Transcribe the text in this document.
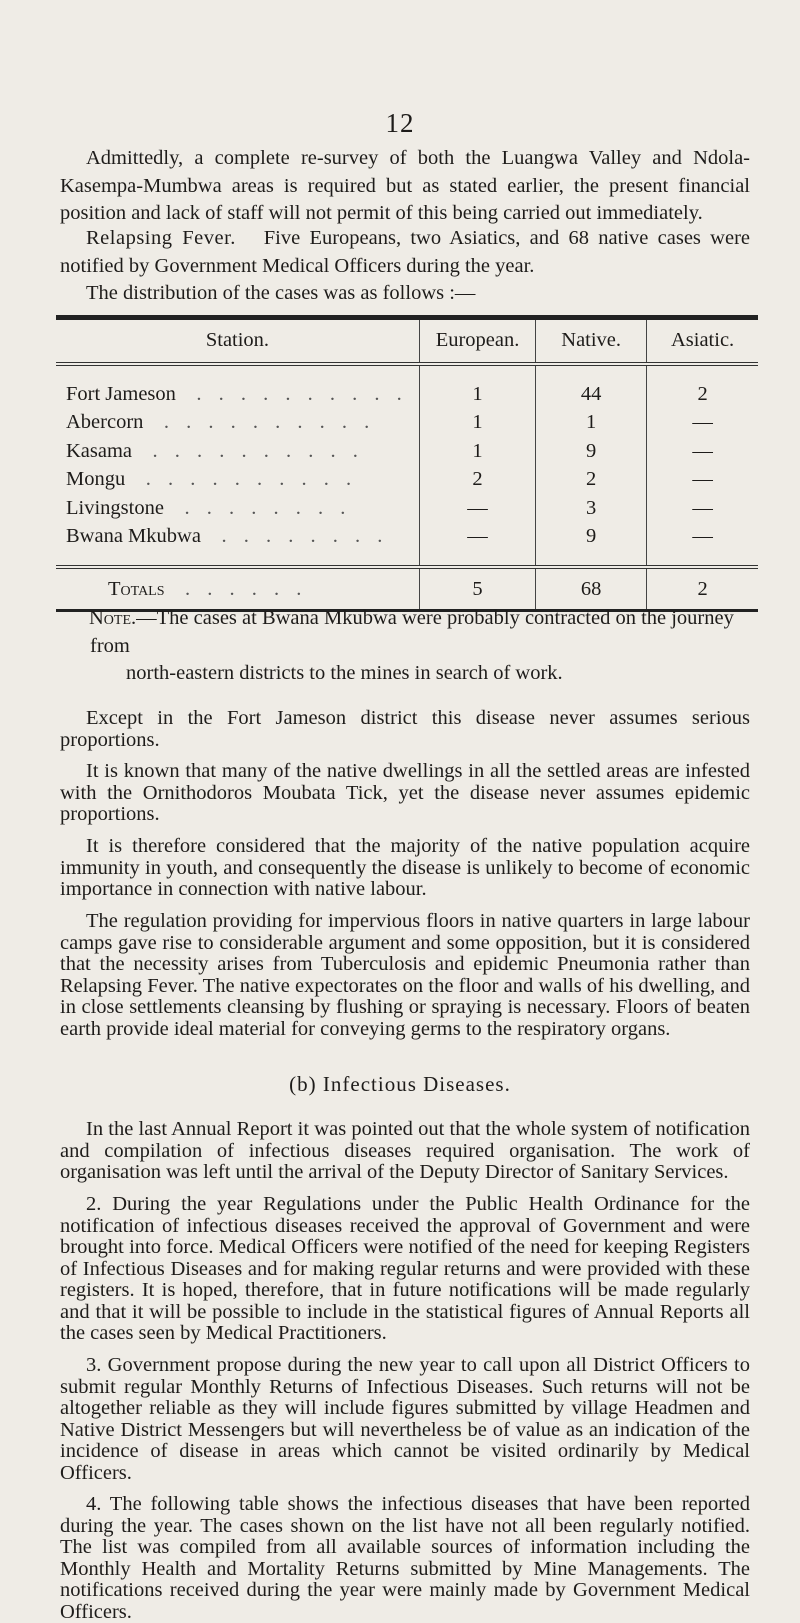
12

Admittedly, a complete re-survey of both the Luangwa Valley and Ndola-Kasempa-Mumbwa areas is required but as stated earlier, the present financial position and lack of staff will not permit of this being carried out immediately.

Relapsing Fever. Five Europeans, two Asiatics, and 68 native cases were notified by Government Medical Officers during the year.

The distribution of the cases was as follows :—

Station.	European.	Native.	Asiatic.

Fort Jameson . . . . . . . . . .	1	44	2
Abercorn . . . . . . . . . .	1	1	—
Kasama . . . . . . . . . .	1	9	—
Mongu . . . . . . . . . .	2	2	—
Livingstone . . . . . . . .	—	3	—
Bwana Mkubwa . . . . . . . .	—	9	—

Totals . . . . . .	5	68	2

Note.—The cases at Bwana Mkubwa were probably contracted on the journey from
north-eastern districts to the mines in search of work.

Except in the Fort Jameson district this disease never assumes serious proportions.

It is known that many of the native dwellings in all the settled areas are infested with the Ornithodoros Moubata Tick, yet the disease never assumes epidemic proportions.

It is therefore considered that the majority of the native population acquire immunity in youth, and consequently the disease is unlikely to become of economic importance in connection with native labour.

The regulation providing for impervious floors in native quarters in large labour camps gave rise to considerable argument and some opposition, but it is considered that the necessity arises from Tuberculosis and epidemic Pneumonia rather than Relapsing Fever. The native expectorates on the floor and walls of his dwelling, and in close settlements cleansing by flushing or spraying is necessary. Floors of beaten earth provide ideal material for conveying germs to the respiratory organs.

(b) Infectious Diseases.

In the last Annual Report it was pointed out that the whole system of notification and compilation of infectious diseases required organisation. The work of organisation was left until the arrival of the Deputy Director of Sanitary Services.

2. During the year Regulations under the Public Health Ordinance for the notification of infectious diseases received the approval of Government and were brought into force. Medical Officers were notified of the need for keeping Registers of Infectious Diseases and for making regular returns and were provided with these registers. It is hoped, therefore, that in future notifications will be made regularly and that it will be possible to include in the statistical figures of Annual Reports all the cases seen by Medical Practitioners.

3. Government propose during the new year to call upon all District Officers to submit regular Monthly Returns of Infectious Diseases. Such returns will not be altogether reliable as they will include figures submitted by village Headmen and Native District Messengers but will nevertheless be of value as an indication of the incidence of disease in areas which cannot be visited ordinarily by Medical Officers.

4. The following table shows the infectious diseases that have been reported during the year. The cases shown on the list have not all been regularly notified. The list was compiled from all available sources of information including the Monthly Health and Mortality Returns submitted by Mine Managements. The notifications received during the year were mainly made by Government Medical Officers.
